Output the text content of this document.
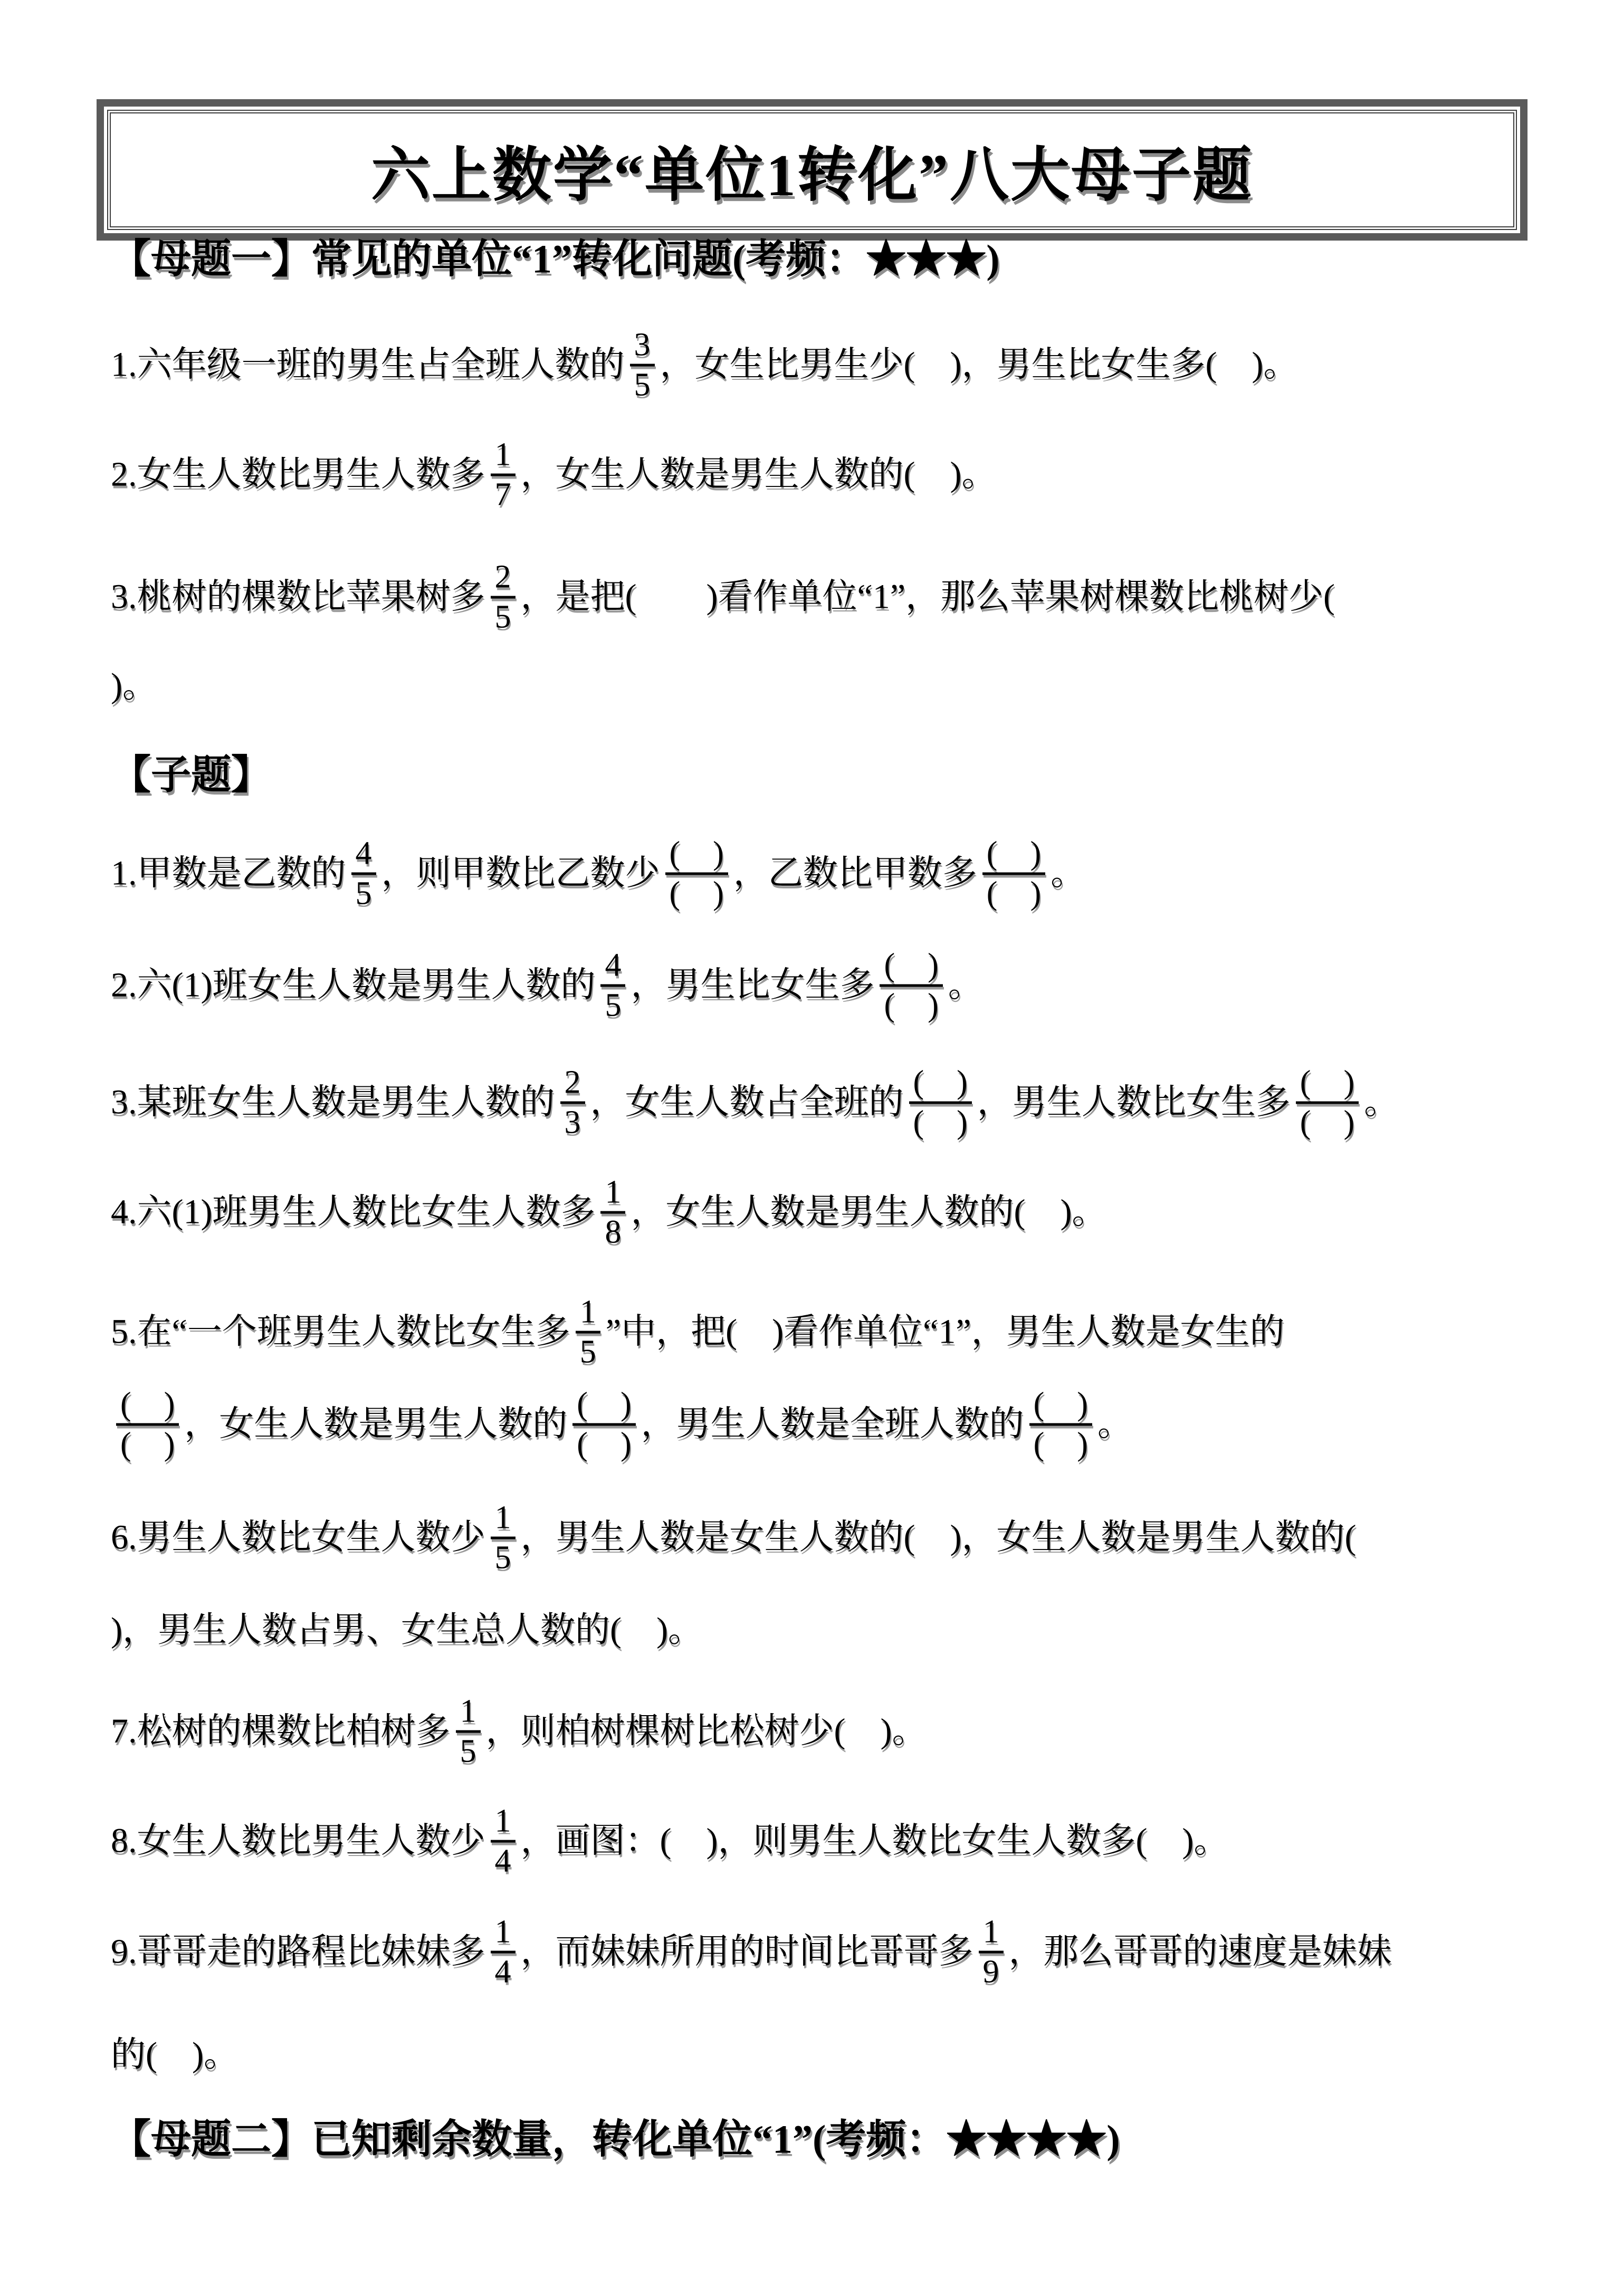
六上数学“单位1转化”八大母子题
【母题一】常见的单位“1”转化问题(考频：★★★)
1.六年级一班的男生占全班人数的
3
5
，女生比男生少(　)，男生比女生多(　)。
2.女生人数比男生人数多
1
7
，女生人数是男生人数的(　)。
3.桃树的棵数比苹果树多
2
5
，是把(　　)看作单位“1”，那么苹果树棵数比桃树少(
)。
【子题】
1.甲数是乙数的
4
5
，则甲数比乙数少
(　)
(　)
，乙数比甲数多
(　)
(　)
。
2.六(1)班女生人数是男生人数的
4
5
，男生比女生多
(　)
(　)
。
3.某班女生人数是男生人数的
2
3
，女生人数占全班的
(　)
(　)
，男生人数比女生多
(　)
(　)
。
4.六(1)班男生人数比女生人数多
1
8
，女生人数是男生人数的(　)。
5.在“一个班男生人数比女生多
1
5
”中，把(　)看作单位“1”，男生人数是女生的
(　)
(　)
，女生人数是男生人数的
(　)
(　)
，男生人数是全班人数的
(　)
(　)
。
6.男生人数比女生人数少
1
5
，男生人数是女生人数的(　)，女生人数是男生人数的(
)，男生人数占男、女生总人数的(　)。
7.松树的棵数比柏树多
1
5
，则柏树棵树比松树少(　)。
8.女生人数比男生人数少
1
4
，画图：(　)，则男生人数比女生人数多(　)。
9.哥哥走的路程比妹妹多
1
4
，而妹妹所用的时间比哥哥多
1
9
，那么哥哥的速度是妹妹
的(　)。
【母题二】已知剩余数量，转化单位“1”(考频：★★★★)
